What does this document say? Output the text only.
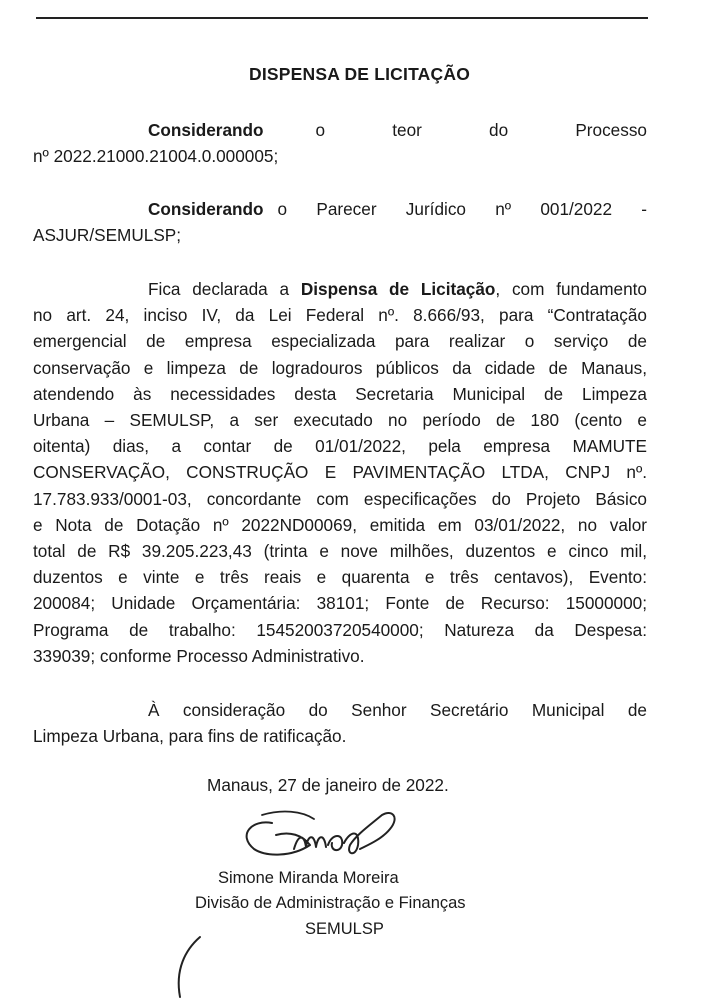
DISPENSA DE LICITAÇÃO
Considerando	o	teor	do	Processo
nº 2022.21000.21004.0.000005;
Considerando o Parecer Jurídico nº 001/2022 -
ASJUR/SEMULSP;
Fica declarada a Dispensa de Licitação, com fundamento
no art. 24, inciso IV, da Lei Federal nº. 8.666/93, para “Contratação
emergencial de empresa especializada para realizar o serviço de
conservação e limpeza de logradouros públicos da cidade de Manaus,
atendendo às necessidades desta Secretaria Municipal de Limpeza
Urbana – SEMULSP, a ser executado no período de 180 (cento e
oitenta) dias, a contar de 01/01/2022, pela empresa MAMUTE
CONSERVAÇÃO, CONSTRUÇÃO E PAVIMENTAÇÃO LTDA, CNPJ nº.
17.783.933/0001-03, concordante com especificações do Projeto Básico
e Nota de Dotação nº 2022ND00069, emitida em 03/01/2022, no valor
total de R$ 39.205.223,43 (trinta e nove milhões, duzentos e cinco mil,
duzentos e vinte e três reais e quarenta e três centavos), Evento:
200084; Unidade Orçamentária: 38101; Fonte de Recurso: 15000000;
Programa de trabalho: 15452003720540000; Natureza da Despesa:
339039; conforme Processo Administrativo.
À consideração do Senhor Secretário Municipal de
Limpeza Urbana, para fins de ratificação.
Manaus, 27 de janeiro de 2022.
Simone Miranda Moreira
Divisão de Administração e Finanças
SEMULSP
